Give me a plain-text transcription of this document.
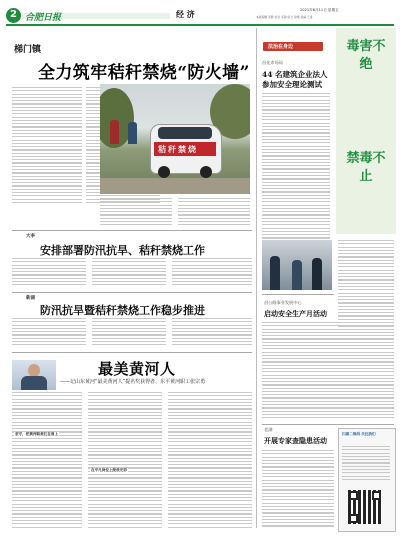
2 合肥日报	经 济	2021年6月11日 星期五
本版编辑 张静 校对 李敏 版式 徐晴 美编 王蕾
梯门镇
全力筑牢秸秆禁烧“防火墙”
秸秆禁烧
法治在身边
昌化市场局
44 名建筑企业法人
参加安全理论测试
毒害不绝
禁毒不止
大李
安排部署防汛抗旱、秸秆禁烧工作
新湖
防汛抗旱暨秸秆禁烧工作稳步推进
昌公路事业发展中心
启动安全生产月活动
最美黄河人
——记山东黄河“最美黄河人”提名奖获得者、东平黄河职工张宗勇
坚守，把黄河职责扛在肩上
在平凡岗位上绽放光彩
老湖
开展专家查隐患活动
扫描二维码 关注我们
